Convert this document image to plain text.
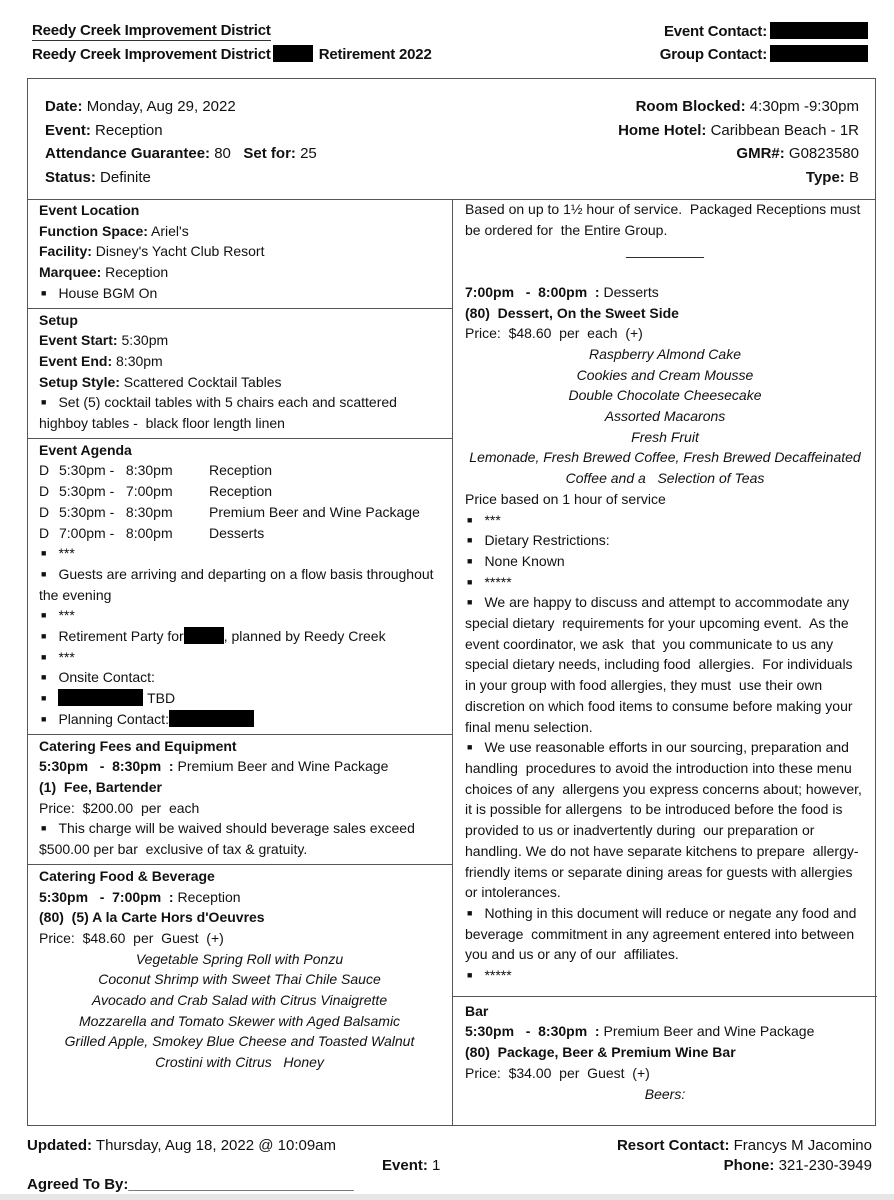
Reedy Creek Improvement District
Reedy Creek Improvement District	Retirement 2022
Event Contact:
Group Contact:
Date: Monday, Aug 29, 2022
Event: Reception
Attendance Guarantee: 80 Set for: 25
Status: Definite
Room Blocked: 4:30pm -9:30pm
Home Hotel: Caribbean Beach - 1R
GMR#: G0823580
Type: B
Event Location
Function Space: Ariel's
Facility: Disney's Yacht Club Resort
Marquee: Reception
■ House BGM On
Setup
Event Start: 5:30pm
Event End: 8:30pm
Setup Style: Scattered Cocktail Tables
■ Set (5) cocktail tables with 5 chairs each and scattered highboy tables -  black floor length linen
Event Agenda
D 5:30pm -   8:30pm	Reception
D 5:30pm -   7:00pm	Reception
D 5:30pm -   8:30pm	Premium Beer and Wine Package
D 7:00pm -   8:00pm	Desserts
■ ***
■ Guests are arriving and departing on a flow basis throughout the evening
■ ***
■ Retirement Party for	, planned by Reedy Creek
■ ***
■ Onsite Contact:
■  TBD
■ Planning Contact:
Catering Fees and Equipment
5:30pm   -  8:30pm  : Premium Beer and Wine Package
(1)  Fee, Bartender
Price:  $200.00  per  each
■ This charge will be waived should beverage sales exceed $500.00 per bar  exclusive of tax & gratuity.
Catering Food & Beverage
5:30pm   -  7:00pm  : Reception
(80)  (5) A la Carte Hors d'Oeuvres
Price:  $48.60  per  Guest  (+)
Vegetable Spring Roll with Ponzu
Coconut Shrimp with Sweet Thai Chile Sauce
Avocado and Crab Salad with Citrus Vinaigrette
Mozzarella and Tomato Skewer with Aged Balsamic
Grilled Apple, Smokey Blue Cheese and Toasted Walnut
Crostini with Citrus   Honey
Based on up to 1½ hour of service.  Packaged Receptions must be ordered for  the Entire Group.
__________

7:00pm   -  8:00pm  : Desserts
(80)  Dessert, On the Sweet Side
Price:  $48.60  per  each  (+)
Raspberry Almond Cake
Cookies and Cream Mousse
Double Chocolate Cheesecake
Assorted Macarons
Fresh Fruit
Lemonade, Fresh Brewed Coffee, Fresh Brewed Decaffeinated Coffee and a   Selection of Teas
Price based on 1 hour of service
■ ***
■ Dietary Restrictions:
■ None Known
■ *****
■ We are happy to discuss and attempt to accommodate any special dietary  requirements for your upcoming event.  As the event coordinator, we ask  that  you communicate to us any special dietary needs, including food  allergies.  For individuals in your group with food allergies, they must  use their own discretion on which food items to consume before making your final menu selection.
■ We use reasonable efforts in our sourcing, preparation and handling  procedures to avoid the introduction into these menu choices of any  allergens you express concerns about; however, it is possible for allergens  to be introduced before the food is provided to us or inadvertently during  our preparation or handling. We do not have separate kitchens to prepare  allergy-friendly items or separate dining areas for guests with allergies or intolerances.
■ Nothing in this document will reduce or negate any food and beverage  commitment in any agreement entered into between you and us or any of our  affiliates.
■ *****
Bar
5:30pm   -  8:30pm  : Premium Beer and Wine Package
(80)  Package, Beer & Premium Wine Bar
Price:  $34.00  per  Guest  (+)
Beers:
Updated: Thursday, Aug 18, 2022 @ 10:09am
Event: 1
Agreed To By:___________________________
Resort Contact: Francys M Jacomino
Phone: 321-230-3949
